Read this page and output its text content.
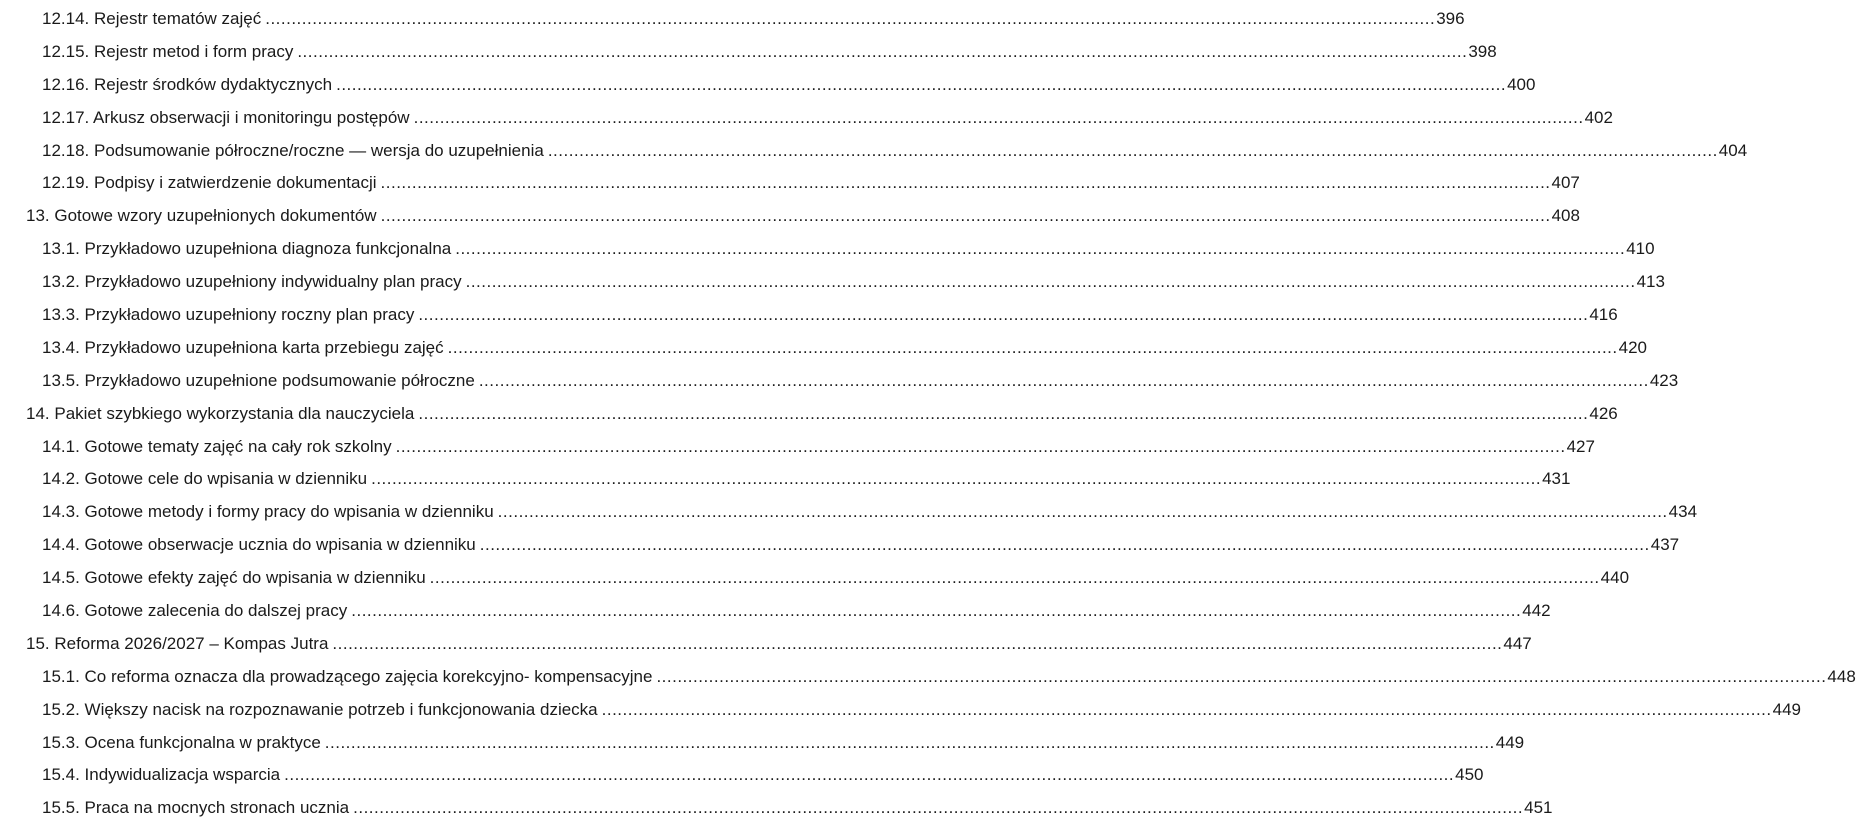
12.14. Rejestr tematów zajęć ................................................................................................................................................................................................................................ 396
12.15. Rejestr metod i form pracy ................................................................................................................................................................................................................................ 398
12.16. Rejestr środków dydaktycznych ................................................................................................................................................................................................................................ 400
12.17. Arkusz obserwacji i monitoringu postępów ................................................................................................................................................................................................................................ 402
12.18. Podsumowanie półroczne/roczne — wersja do uzupełnienia ................................................................................................................................................................................................................................ 404
12.19. Podpisy i zatwierdzenie dokumentacji ................................................................................................................................................................................................................................ 407
13. Gotowe wzory uzupełnionych dokumentów ................................................................................................................................................................................................................................ 408
13.1. Przykładowo uzupełniona diagnoza funkcjonalna ................................................................................................................................................................................................................................ 410
13.2. Przykładowo uzupełniony indywidualny plan pracy ................................................................................................................................................................................................................................ 413
13.3. Przykładowo uzupełniony roczny plan pracy ................................................................................................................................................................................................................................ 416
13.4. Przykładowo uzupełniona karta przebiegu zajęć ................................................................................................................................................................................................................................ 420
13.5. Przykładowo uzupełnione podsumowanie półroczne ................................................................................................................................................................................................................................ 423
14. Pakiet szybkiego wykorzystania dla nauczyciela ................................................................................................................................................................................................................................ 426
14.1. Gotowe tematy zajęć na cały rok szkolny ................................................................................................................................................................................................................................ 427
14.2. Gotowe cele do wpisania w dzienniku ................................................................................................................................................................................................................................ 431
14.3. Gotowe metody i formy pracy do wpisania w dzienniku ................................................................................................................................................................................................................................ 434
14.4. Gotowe obserwacje ucznia do wpisania w dzienniku ................................................................................................................................................................................................................................ 437
14.5. Gotowe efekty zajęć do wpisania w dzienniku ................................................................................................................................................................................................................................ 440
14.6. Gotowe zalecenia do dalszej pracy ................................................................................................................................................................................................................................ 442
15. Reforma 2026/2027 – Kompas Jutra ................................................................................................................................................................................................................................ 447
15.1. Co reforma oznacza dla prowadzącego zajęcia korekcyjno- kompensacyjne ................................................................................................................................................................................................................................ 448
15.2. Większy nacisk na rozpoznawanie potrzeb i funkcjonowania dziecka ................................................................................................................................................................................................................................ 449
15.3. Ocena funkcjonalna w praktyce ................................................................................................................................................................................................................................ 449
15.4. Indywidualizacja wsparcia ................................................................................................................................................................................................................................ 450
15.5. Praca na mocnych stronach ucznia ................................................................................................................................................................................................................................ 451
